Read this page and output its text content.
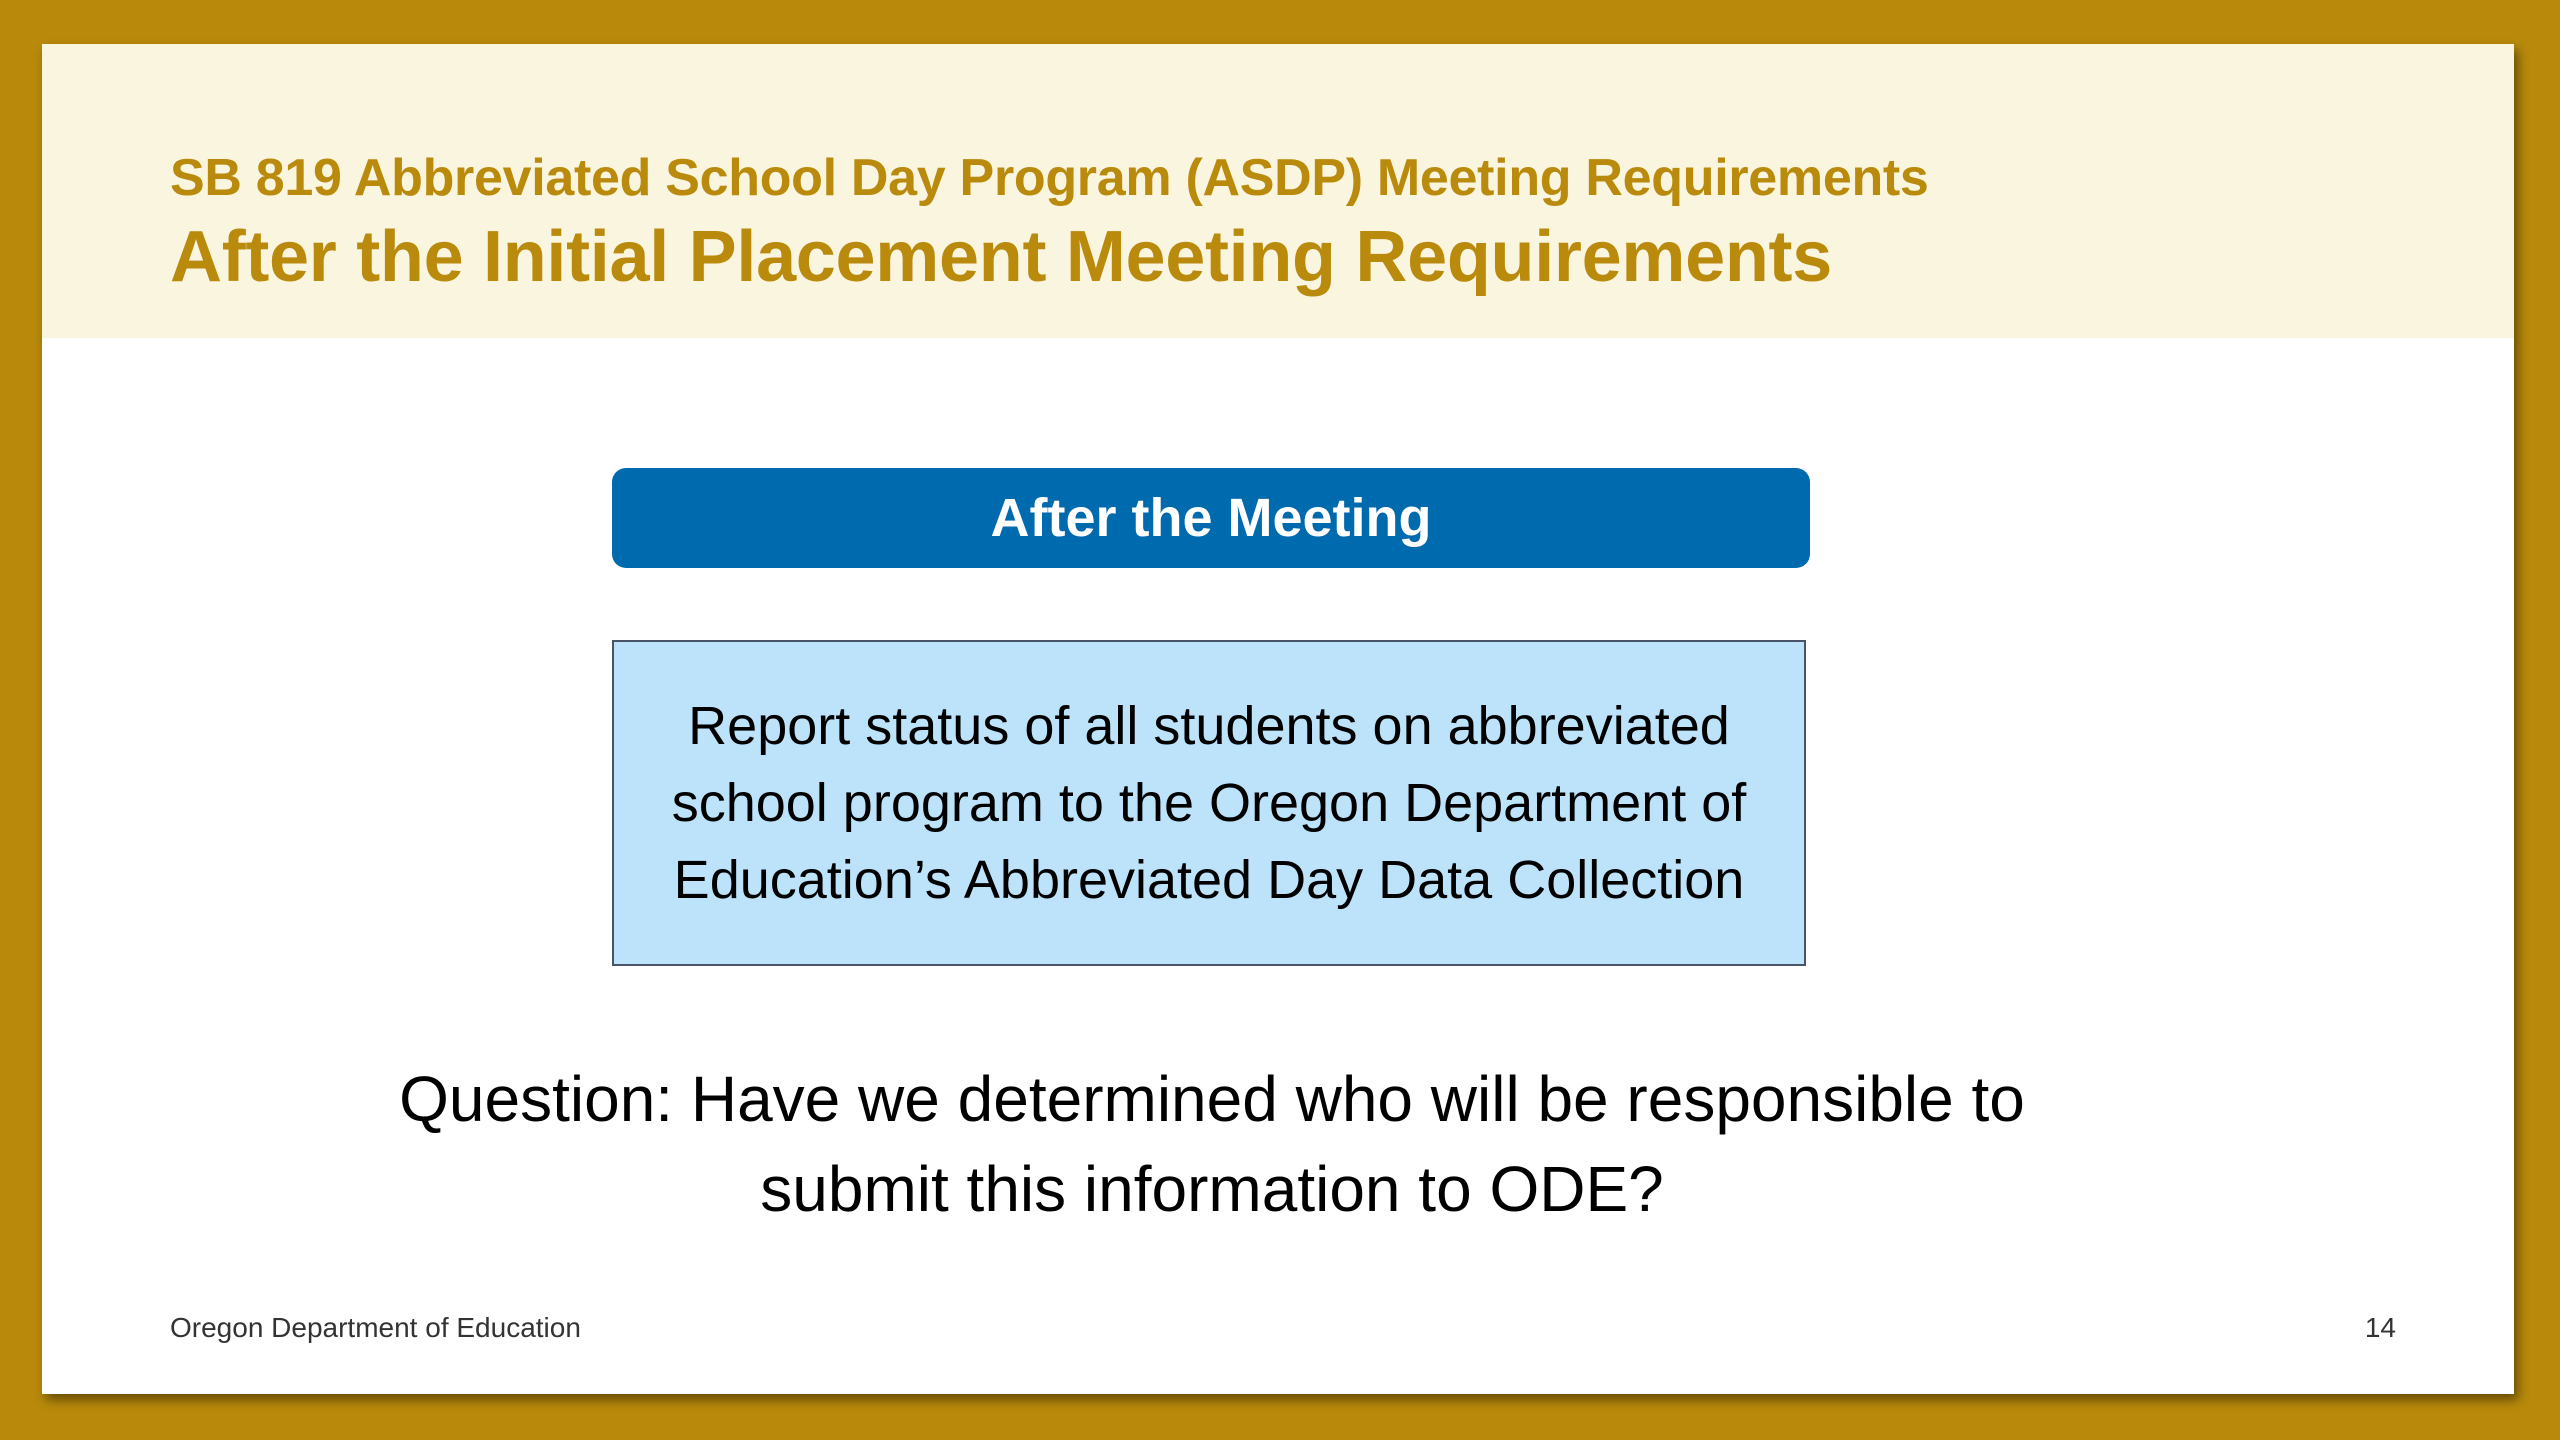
SB 819 Abbreviated School Day Program (ASDP) Meeting Requirements
After the Initial Placement Meeting Requirements
After the Meeting
Report status of all students on abbreviated school program to the Oregon Department of Education’s Abbreviated Day Data Collection
Question: Have we determined who will be responsible to submit this information to ODE?
Oregon Department of Education	14
